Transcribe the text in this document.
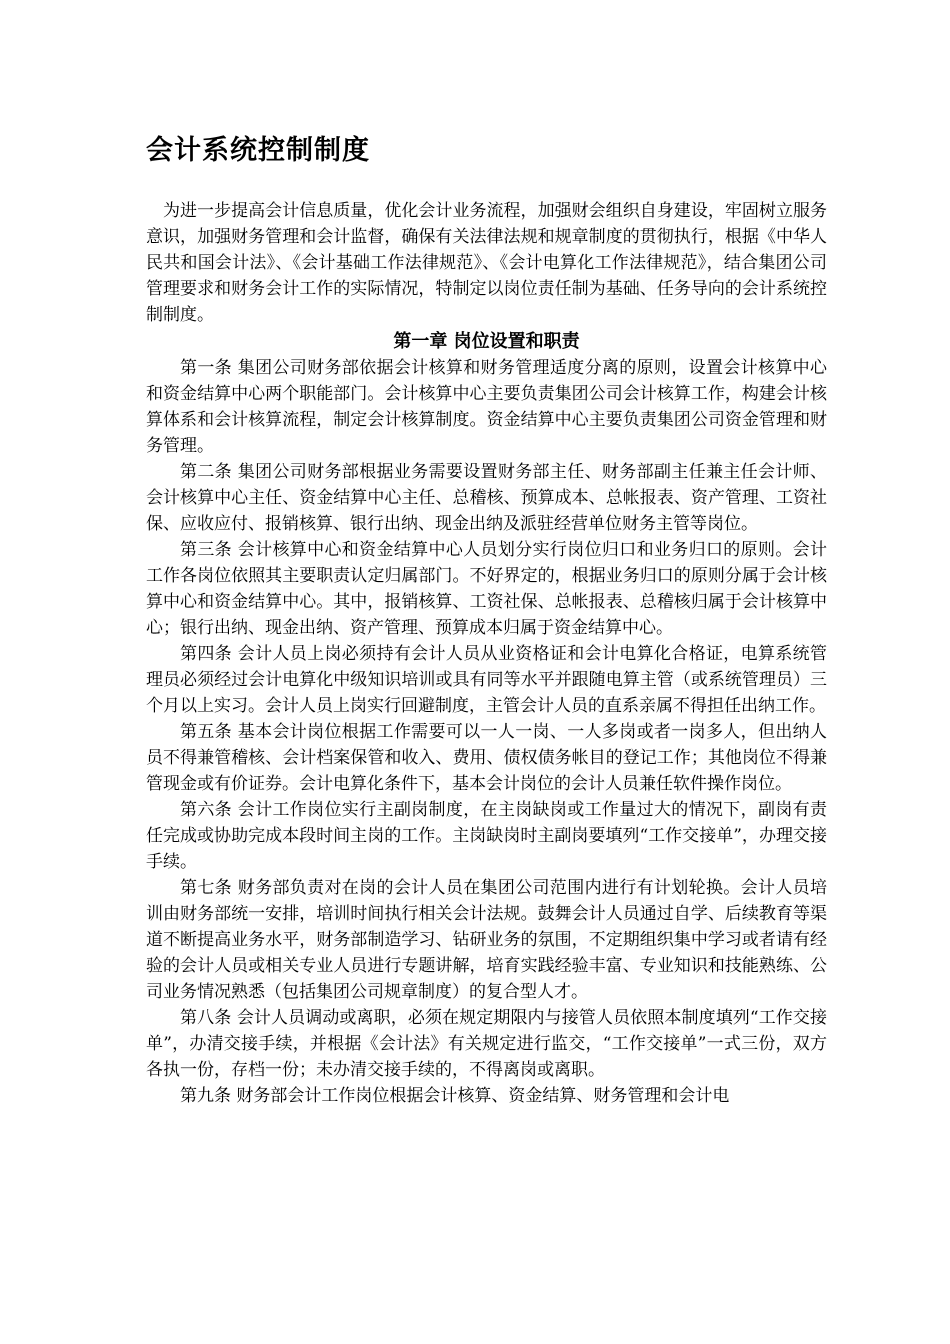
会计系统控制制度

为进一步提高会计信息质量，优化会计业务流程，加强财会组织自身建设，牢固树立服务意识，加强财务管理和会计监督，确保有关法律法规和规章制度的贯彻执行，根据《中华人民共和国会计法》、《会计基础工作法律规范》、《会计电算化工作法律规范》，结合集团公司管理要求和财务会计工作的实际情况，特制定以岗位责任制为基础、任务导向的会计系统控制制度。

第一章 岗位设置和职责

第一条 集团公司财务部依据会计核算和财务管理适度分离的原则，设置会计核算中心和资金结算中心两个职能部门。会计核算中心主要负责集团公司会计核算工作，构建会计核算体系和会计核算流程，制定会计核算制度。资金结算中心主要负责集团公司资金管理和财务管理。

第二条 集团公司财务部根据业务需要设置财务部主任、财务部副主任兼主任会计师、会计核算中心主任、资金结算中心主任、总稽核、预算成本、总帐报表、资产管理、工资社保、应收应付、报销核算、银行出纳、现金出纳及派驻经营单位财务主管等岗位。

第三条 会计核算中心和资金结算中心人员划分实行岗位归口和业务归口的原则。会计工作各岗位依照其主要职责认定归属部门。不好界定的，根据业务归口的原则分属于会计核算中心和资金结算中心。其中，报销核算、工资社保、总帐报表、总稽核归属于会计核算中心；银行出纳、现金出纳、资产管理、预算成本归属于资金结算中心。

第四条 会计人员上岗必须持有会计人员从业资格证和会计电算化合格证，电算系统管理员必须经过会计电算化中级知识培训或具有同等水平并跟随电算主管（或系统管理员）三个月以上实习。会计人员上岗实行回避制度，主管会计人员的直系亲属不得担任出纳工作。

第五条 基本会计岗位根据工作需要可以一人一岗、一人多岗或者一岗多人，但出纳人员不得兼管稽核、会计档案保管和收入、费用、债权债务帐目的登记工作；其他岗位不得兼管现金或有价证券。会计电算化条件下，基本会计岗位的会计人员兼任软件操作岗位。

第六条 会计工作岗位实行主副岗制度，在主岗缺岗或工作量过大的情况下，副岗有责任完成或协助完成本段时间主岗的工作。主岗缺岗时主副岗要填列“工作交接单”，办理交接手续。

第七条 财务部负责对在岗的会计人员在集团公司范围内进行有计划轮换。会计人员培训由财务部统一安排，培训时间执行相关会计法规。鼓舞会计人员通过自学、后续教育等渠道不断提高业务水平，财务部制造学习、钻研业务的氛围，不定期组织集中学习或者请有经验的会计人员或相关专业人员进行专题讲解，培育实践经验丰富、专业知识和技能熟练、公司业务情况熟悉（包括集团公司规章制度）的复合型人才。

第八条 会计人员调动或离职，必须在规定期限内与接管人员依照本制度填列“工作交接单”，办清交接手续，并根据《会计法》有关规定进行监交，“工作交接单”一式三份，双方各执一份，存档一份；未办清交接手续的，不得离岗或离职。

第九条 财务部会计工作岗位根据会计核算、资金结算、财务管理和会计电
